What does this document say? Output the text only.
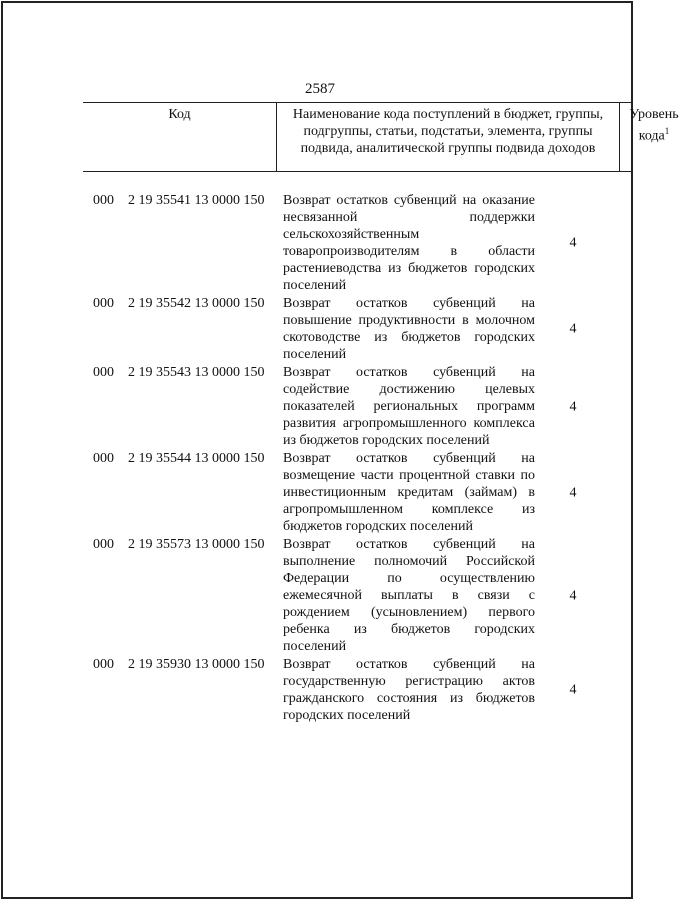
2587
Код	Наименование кода поступлений в бюджет, группы, подгруппы, статьи, подстатьи, элемента, группы подвида, аналитической группы подвида доходов
Уровень кода$^1$
000 2 19 35541 13 0000 150 Возврат остатков субвенций на оказание несвязанной поддержки сельскохозяйственным товаропроизводителям в области растениеводства из бюджетов городских поселений
4
000 2 19 35542 13 0000 150 Возврат остатков субвенций на повышение продуктивности в молочном скотоводстве из бюджетов городских поселений
4
000 2 19 35543 13 0000 150 Возврат остатков субвенций на содействие достижению целевых показателей региональных программ развития агропромышленного комплекса из бюджетов городских поселений
4
000 2 19 35544 13 0000 150 Возврат остатков субвенций на возмещение части процентной ставки по инвестиционным кредитам (займам) в агропромышленном комплексе из бюджетов городских поселений
4
000 2 19 35573 13 0000 150 Возврат остатков субвенций на выполнение полномочий Российской Федерации по осуществлению ежемесячной выплаты в связи с рождением (усыновлением) первого ребенка из бюджетов городских поселений
4
000 2 19 35930 13 0000 150 Возврат остатков субвенций на государственную регистрацию актов гражданского состояния из бюджетов городских поселений
4
